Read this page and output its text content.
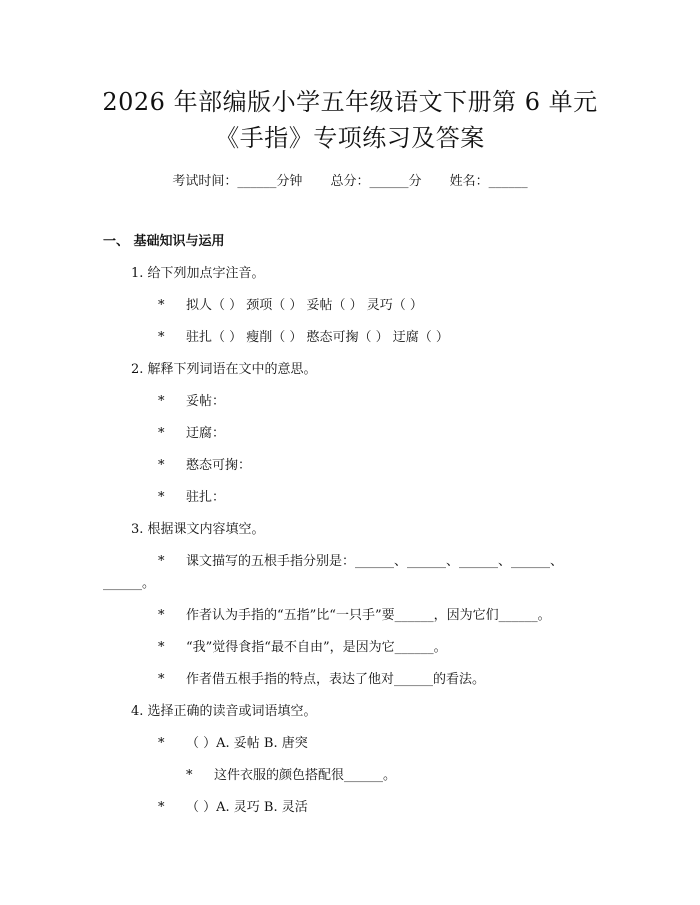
2026 年部编版小学五年级语文下册第 6 单元
《手指》专项练习及答案
考试时间：______分钟 总分：______分 姓名：______
一、 基础知识与运用
1. 给下列加点字注音。
* 拟人（ ） 颈项（ ） 妥帖（ ） 灵巧（ ）
* 驻扎（ ） 瘦削（ ） 憨态可掬（ ） 迂腐（ ）
2. 解释下列词语在文中的意思。
* 妥帖：
* 迂腐：
* 憨态可掬：
* 驻扎：
3. 根据课文内容填空。
* 课文描写的五根手指分别是：______、______、______、______、
______。
* 作者认为手指的“五指”比“一只手”要______，因为它们______。
* “我”觉得食指“最不自由”，是因为它______。
* 作者借五根手指的特点，表达了他对______的看法。
4. 选择正确的读音或词语填空。
* （ ）A. 妥帖 B. 唐突
* 这件衣服的颜色搭配很______。
* （ ）A. 灵巧 B. 灵活
